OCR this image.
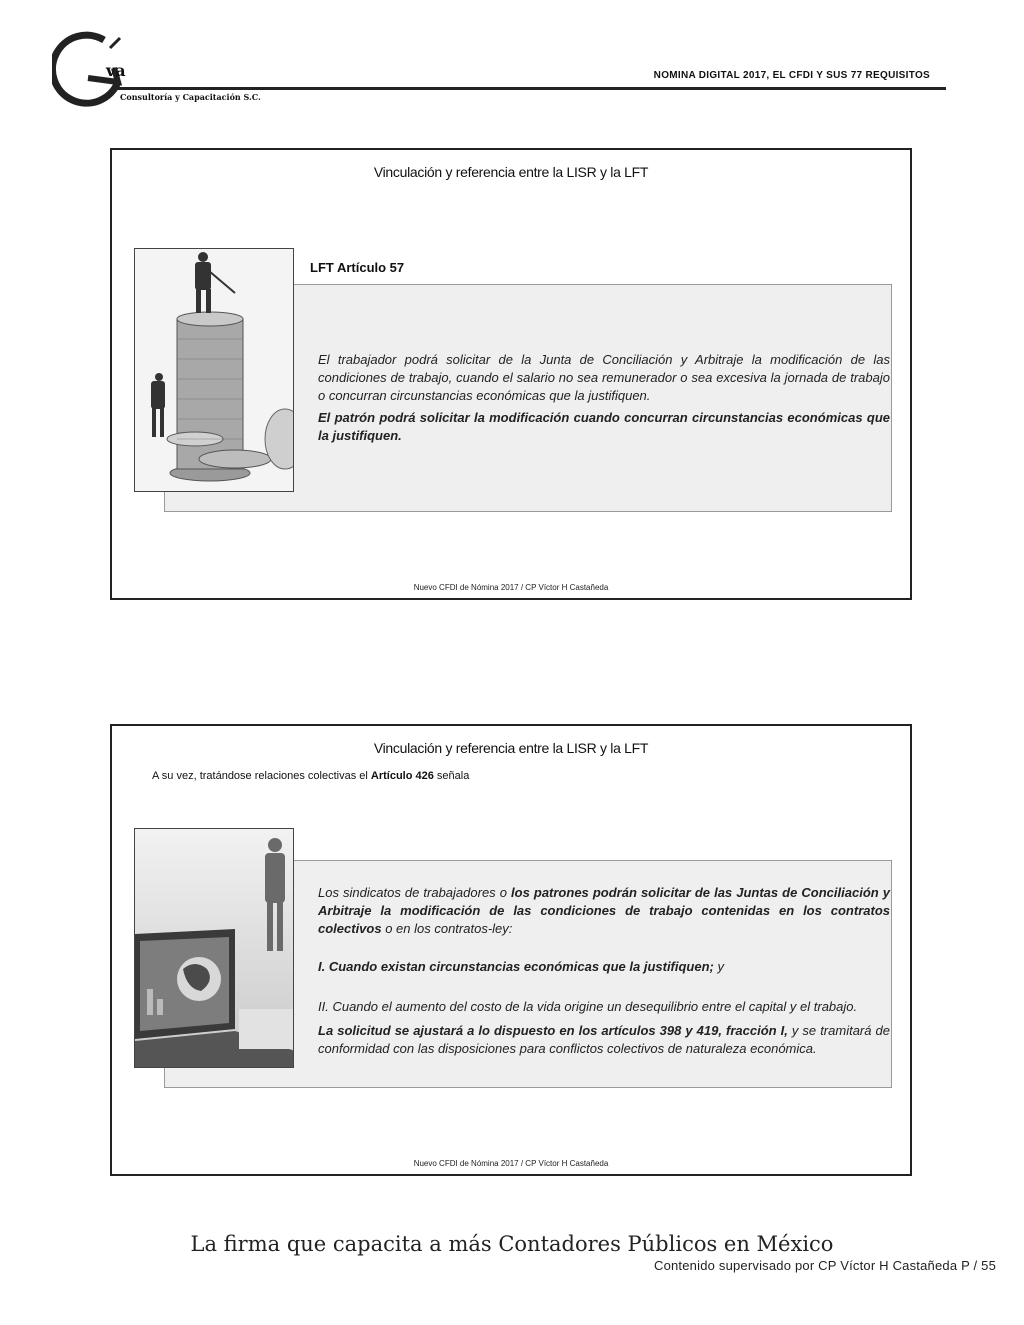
va
Consultoría y Capacitación S.C.
NOMINA DIGITAL 2017, EL CFDI Y SUS 77 REQUISITOS
Vinculación y referencia entre la LISR y la LFT
LFT Artículo 57

El trabajador podrá solicitar de la Junta de Conciliación y Arbitraje la modificación de las condiciones de trabajo, cuando el salario no sea remunerador o sea excesiva la jornada de trabajo o concurran circunstancias económicas que la justifiquen.

El patrón podrá solicitar la modificación cuando concurran circunstancias económicas que la justifiquen.

Nuevo CFDI de Nómina 2017 / CP Víctor H Castañeda
Vinculación y referencia entre la LISR y la LFT
A su vez, tratándose relaciones colectivas el Artículo 426 señala

Los sindicatos de trabajadores o los patrones podrán solicitar de las Juntas de Conciliación y Arbitraje la modificación de las condiciones de trabajo contenidas en los contratos colectivos o en los contratos-ley:

I. Cuando existan circunstancias económicas que la justifiquen; y

II. Cuando el aumento del costo de la vida origine un desequilibrio entre el capital y el trabajo.

La solicitud se ajustará a lo dispuesto en los artículos 398 y 419, fracción I, y se tramitará de conformidad con las disposiciones para conflictos colectivos de naturaleza económica.

Nuevo CFDI de Nómina 2017 / CP Víctor H Castañeda
La firma que capacita a más Contadores Públicos en México
Contenido supervisado por CP Víctor H Castañeda P / 55
